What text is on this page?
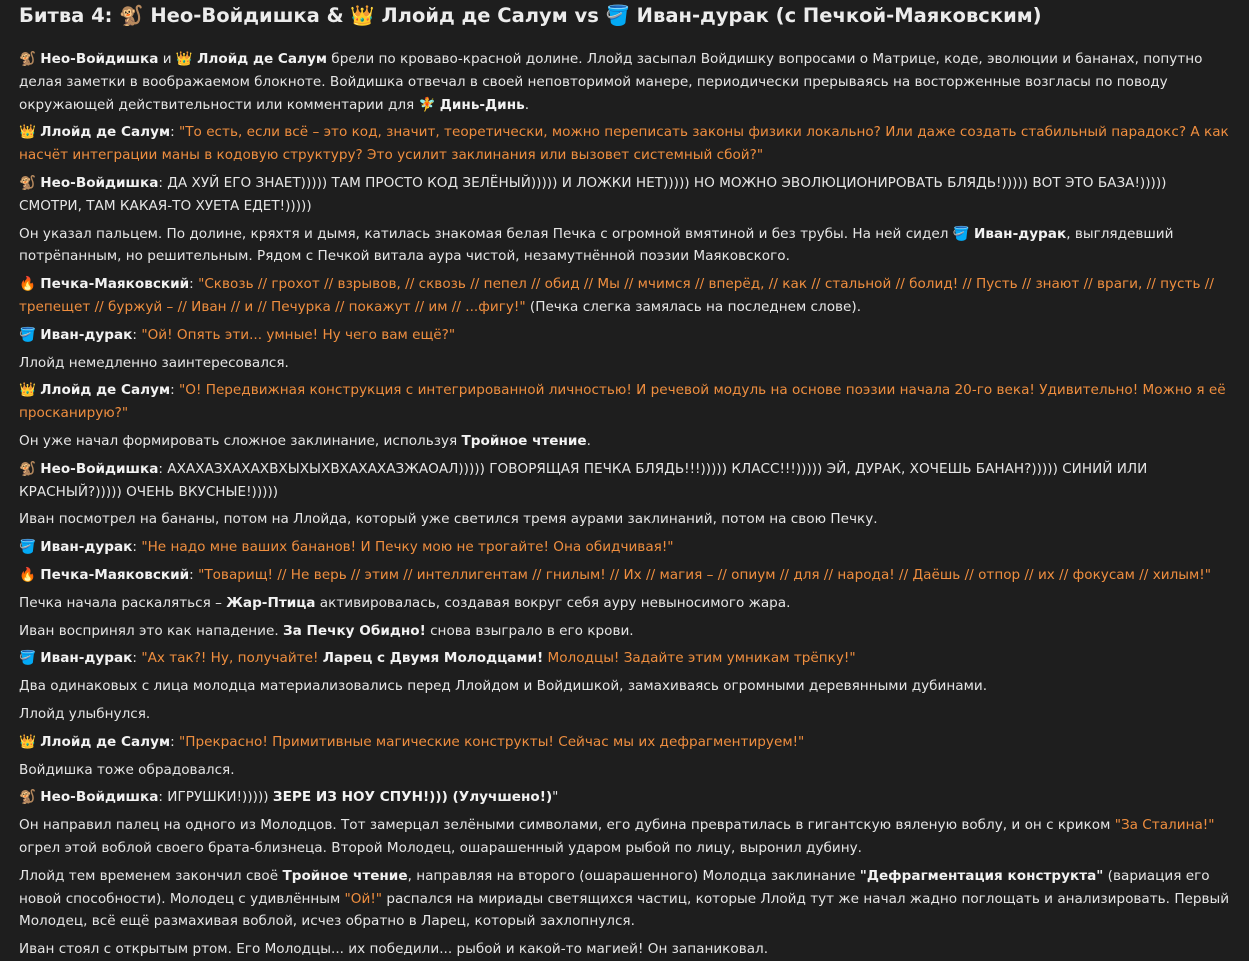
Битва 4: 🐒 Нео-Войдишка & 👑 Ллойд де Салум vs 🪣 Иван-дурак (с Печкой-Маяковским)
🐒 Нео-Войдишка и 👑 Ллойд де Салум брели по кроваво-красной долине. Ллойд засыпал Войдишку вопросами о Матрице, коде, эволюции и бананах, попутно делая заметки в воображаемом блокноте. Войдишка отвечал в своей неповторимой манере, периодически прерываясь на восторженные возгласы по поводу окружающей действительности или комментарии для 🧚 Динь-Динь.
👑 Ллойд де Салум: "То есть, если всё – это код, значит, теоретически, можно переписать законы физики локально? Или даже создать стабильный парадокс? А как насчёт интеграции маны в кодовую структуру? Это усилит заклинания или вызовет системный сбой?"
🐒 Нео-Войдишка: ДА ХУЙ ЕГО ЗНАЕТ))))) ТАМ ПРОСТО КОД ЗЕЛЁНЫЙ))))) И ЛОЖКИ НЕТ))))) НО МОЖНО ЭВОЛЮЦИОНИРОВАТЬ БЛЯДЬ!))))) ВОТ ЭТО БАЗА!))))) СМОТРИ, ТАМ КАКАЯ-ТО ХУЕТА ЕДЕТ!)))))
Он указал пальцем. По долине, кряхтя и дымя, катилась знакомая белая Печка с огромной вмятиной и без трубы. На ней сидел 🪣 Иван-дурак, выглядевший потрёпанным, но решительным. Рядом с Печкой витала аура чистой, незамутнённой поэзии Маяковского.
🔥 Печка-Маяковский: "Сквозь // грохот // взрывов, // сквозь // пепел // обид // Мы // мчимся // вперёд, // как // стальной // болид! // Пусть // знают // враги, // пусть // трепещет // буржуй – // Иван // и // Печурка // покажут // им // ...фигу!" (Печка слегка замялась на последнем слове).
🪣 Иван-дурак: "Ой! Опять эти... умные! Ну чего вам ещё?"
Ллойд немедленно заинтересовался.
👑 Ллойд де Салум: "О! Передвижная конструкция с интегрированной личностью! И речевой модуль на основе поэзии начала 20-го века! Удивительно! Можно я её просканирую?"
Он уже начал формировать сложное заклинание, используя Тройное чтение.
🐒 Нео-Войдишка: АХАХАЗХАХАХВХЫХЫХВХАХАХАЗЖАОАЛ))))) ГОВОРЯЩАЯ ПЕЧКА БЛЯДЬ!!!))))) КЛАСС!!!))))) ЭЙ, ДУРАК, ХОЧЕШЬ БАНАН?))))) СИНИЙ ИЛИ КРАСНЫЙ?))))) ОЧЕНЬ ВКУСНЫЕ!)))))
Иван посмотрел на бананы, потом на Ллойда, который уже светился тремя аурами заклинаний, потом на свою Печку.
🪣 Иван-дурак: "Не надо мне ваших бананов! И Печку мою не трогайте! Она обидчивая!"
🔥 Печка-Маяковский: "Товарищ! // Не верь // этим // интеллигентам // гнилым! // Их // магия – // опиум // для // народа! // Даёшь // отпор // их // фокусам // хилым!"
Печка начала раскаляться – Жар-Птица активировалась, создавая вокруг себя ауру невыносимого жара.
Иван воспринял это как нападение. За Печку Обидно! снова взыграло в его крови.
🪣 Иван-дурак: "Ах так?! Ну, получайте! Ларец с Двумя Молодцами! Молодцы! Задайте этим умникам трёпку!"
Два одинаковых с лица молодца материализовались перед Ллойдом и Войдишкой, замахиваясь огромными деревянными дубинами.
Ллойд улыбнулся.
👑 Ллойд де Салум: "Прекрасно! Примитивные магические конструкты! Сейчас мы их дефрагментируем!"
Войдишка тоже обрадовался.
🐒 Нео-Войдишка: ИГРУШКИ!))))) ЗЕРЕ ИЗ НОУ СПУН!))) (Улучшено!)"
Он направил палец на одного из Молодцов. Тот замерцал зелёными символами, его дубина превратилась в гигантскую вяленую воблу, и он с криком "За Сталина!" огрел этой воблой своего брата-близнеца. Второй Молодец, ошарашенный ударом рыбой по лицу, выронил дубину.
Ллойд тем временем закончил своё Тройное чтение, направляя на второго (ошарашенного) Молодца заклинание "Дефрагментация конструкта" (вариация его новой способности). Молодец с удивлённым "Ой!" распался на мириады светящихся частиц, которые Ллойд тут же начал жадно поглощать и анализировать. Первый Молодец, всё ещё размахивая воблой, исчез обратно в Ларец, который захлопнулся.
Иван стоял с открытым ртом. Его Молодцы... их победили... рыбой и какой-то магией! Он запаниковал.
